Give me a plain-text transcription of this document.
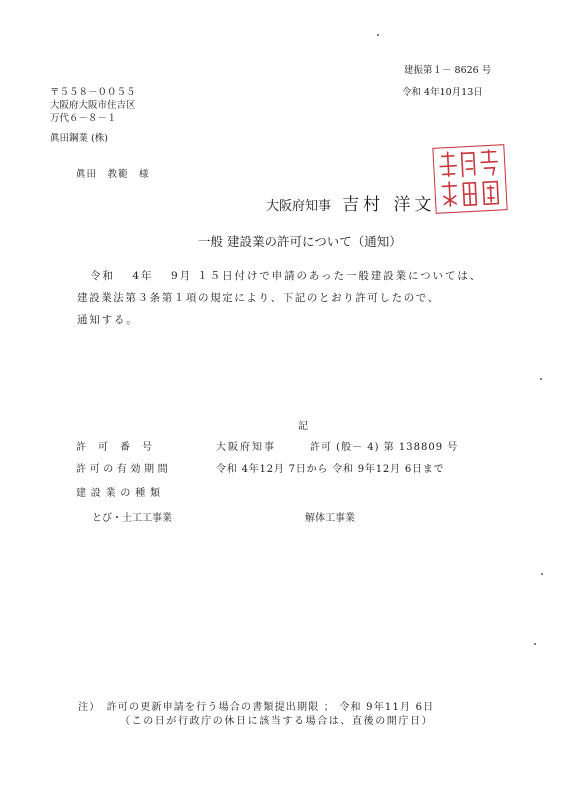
建振第１－ 8626 号
令和 4年10月13日
〒５５８－００５５
大阪府大阪市住吉区
万代６－８－１
眞田鋼業 (株)
眞田　教範　様
大阪府知事 吉村 洋文
一般 建設業の許可について（通知）
令和　 4年　 9月 １５日付けで申請のあった一般建設業については、
建設業法第３条第１項の規定により、下記のとおり許可したので、
通知する。
記
許可番号	大阪府知事	許可 (般－ 4) 第 138809 号
許可の有効期間	令和 4年12月 7日から 令和 9年12月 6日まで
建設業の種類
とび・土工工事業	解体工事業
注）　許可の更新申請を行う場合の書類提出期限 ； 令和 9年11月 6日
（この日が行政庁の休日に該当する場合は、直後の開庁日）
